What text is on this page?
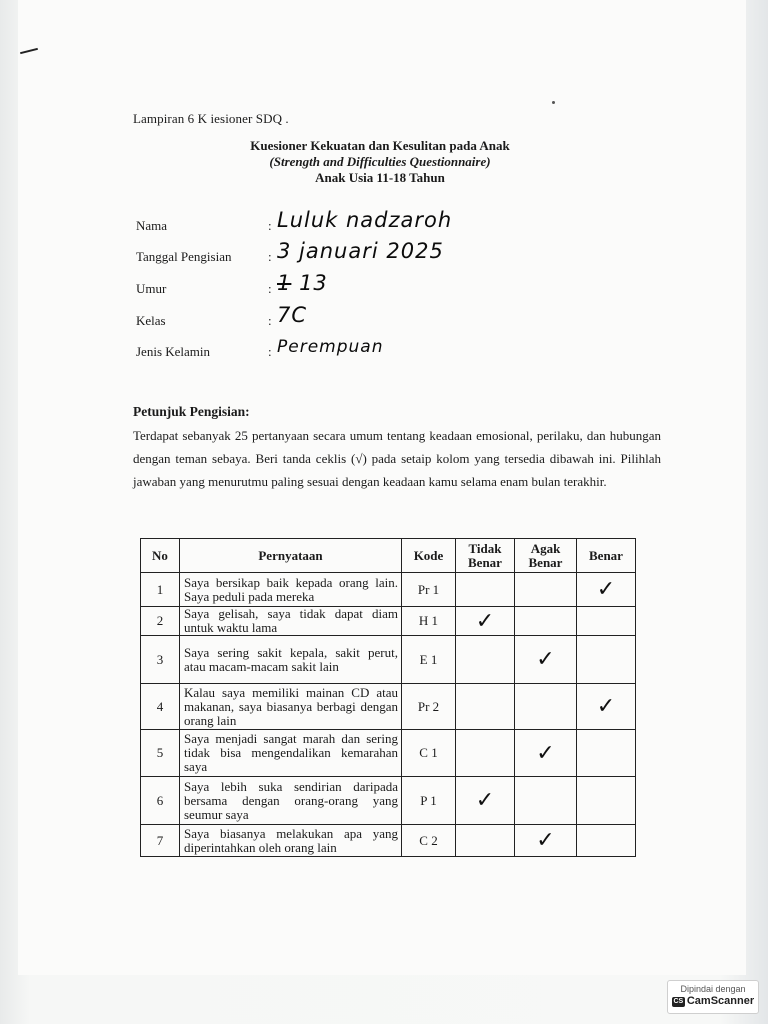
Lampiran 6 K iesioner SDQ .
Kuesioner Kekuatan dan Kesulitan pada Anak
(Strength and Difficulties Questionnaire)
Anak Usia 11-18 Tahun
Nama	: Luluk nadzaroh
Tanggal Pengisian	: 3 januari 2025
Umur	: 1 13
Kelas	: 7C
Jenis Kelamin	: Perempuan
Petunjuk Pengisian:
Terdapat sebanyak 25 pertanyaan secara umum tentang keadaan emosional, perilaku, dan hubungan dengan teman sebaya. Beri tanda ceklis (√) pada setaip kolom yang tersedia dibawah ini. Pilihlah jawaban yang menurutmu paling sesuai dengan keadaan kamu selama enam bulan terakhir.
No	Pernyataan	Kode	Tidak Benar	Agak Benar	Benar
1	Saya bersikap baik kepada orang lain. Saya peduli pada mereka	Pr 1			✓
2	Saya gelisah, saya tidak dapat diam untuk waktu lama	H 1	✓		
3	Saya sering sakit kepala, sakit perut, atau macam-macam sakit lain	E 1		✓	
4	Kalau saya memiliki mainan CD atau makanan, saya biasanya berbagi dengan orang lain	Pr 2			✓
5	Saya menjadi sangat marah dan sering tidak bisa mengendalikan kemarahan saya	C 1		✓	
6	Saya lebih suka sendirian daripada bersama dengan orang-orang yang seumur saya	P 1	✓		
7	Saya biasanya melakukan apa yang diperintahkan oleh orang lain	C 2		✓	
Dipindai dengan
CS CamScanner
